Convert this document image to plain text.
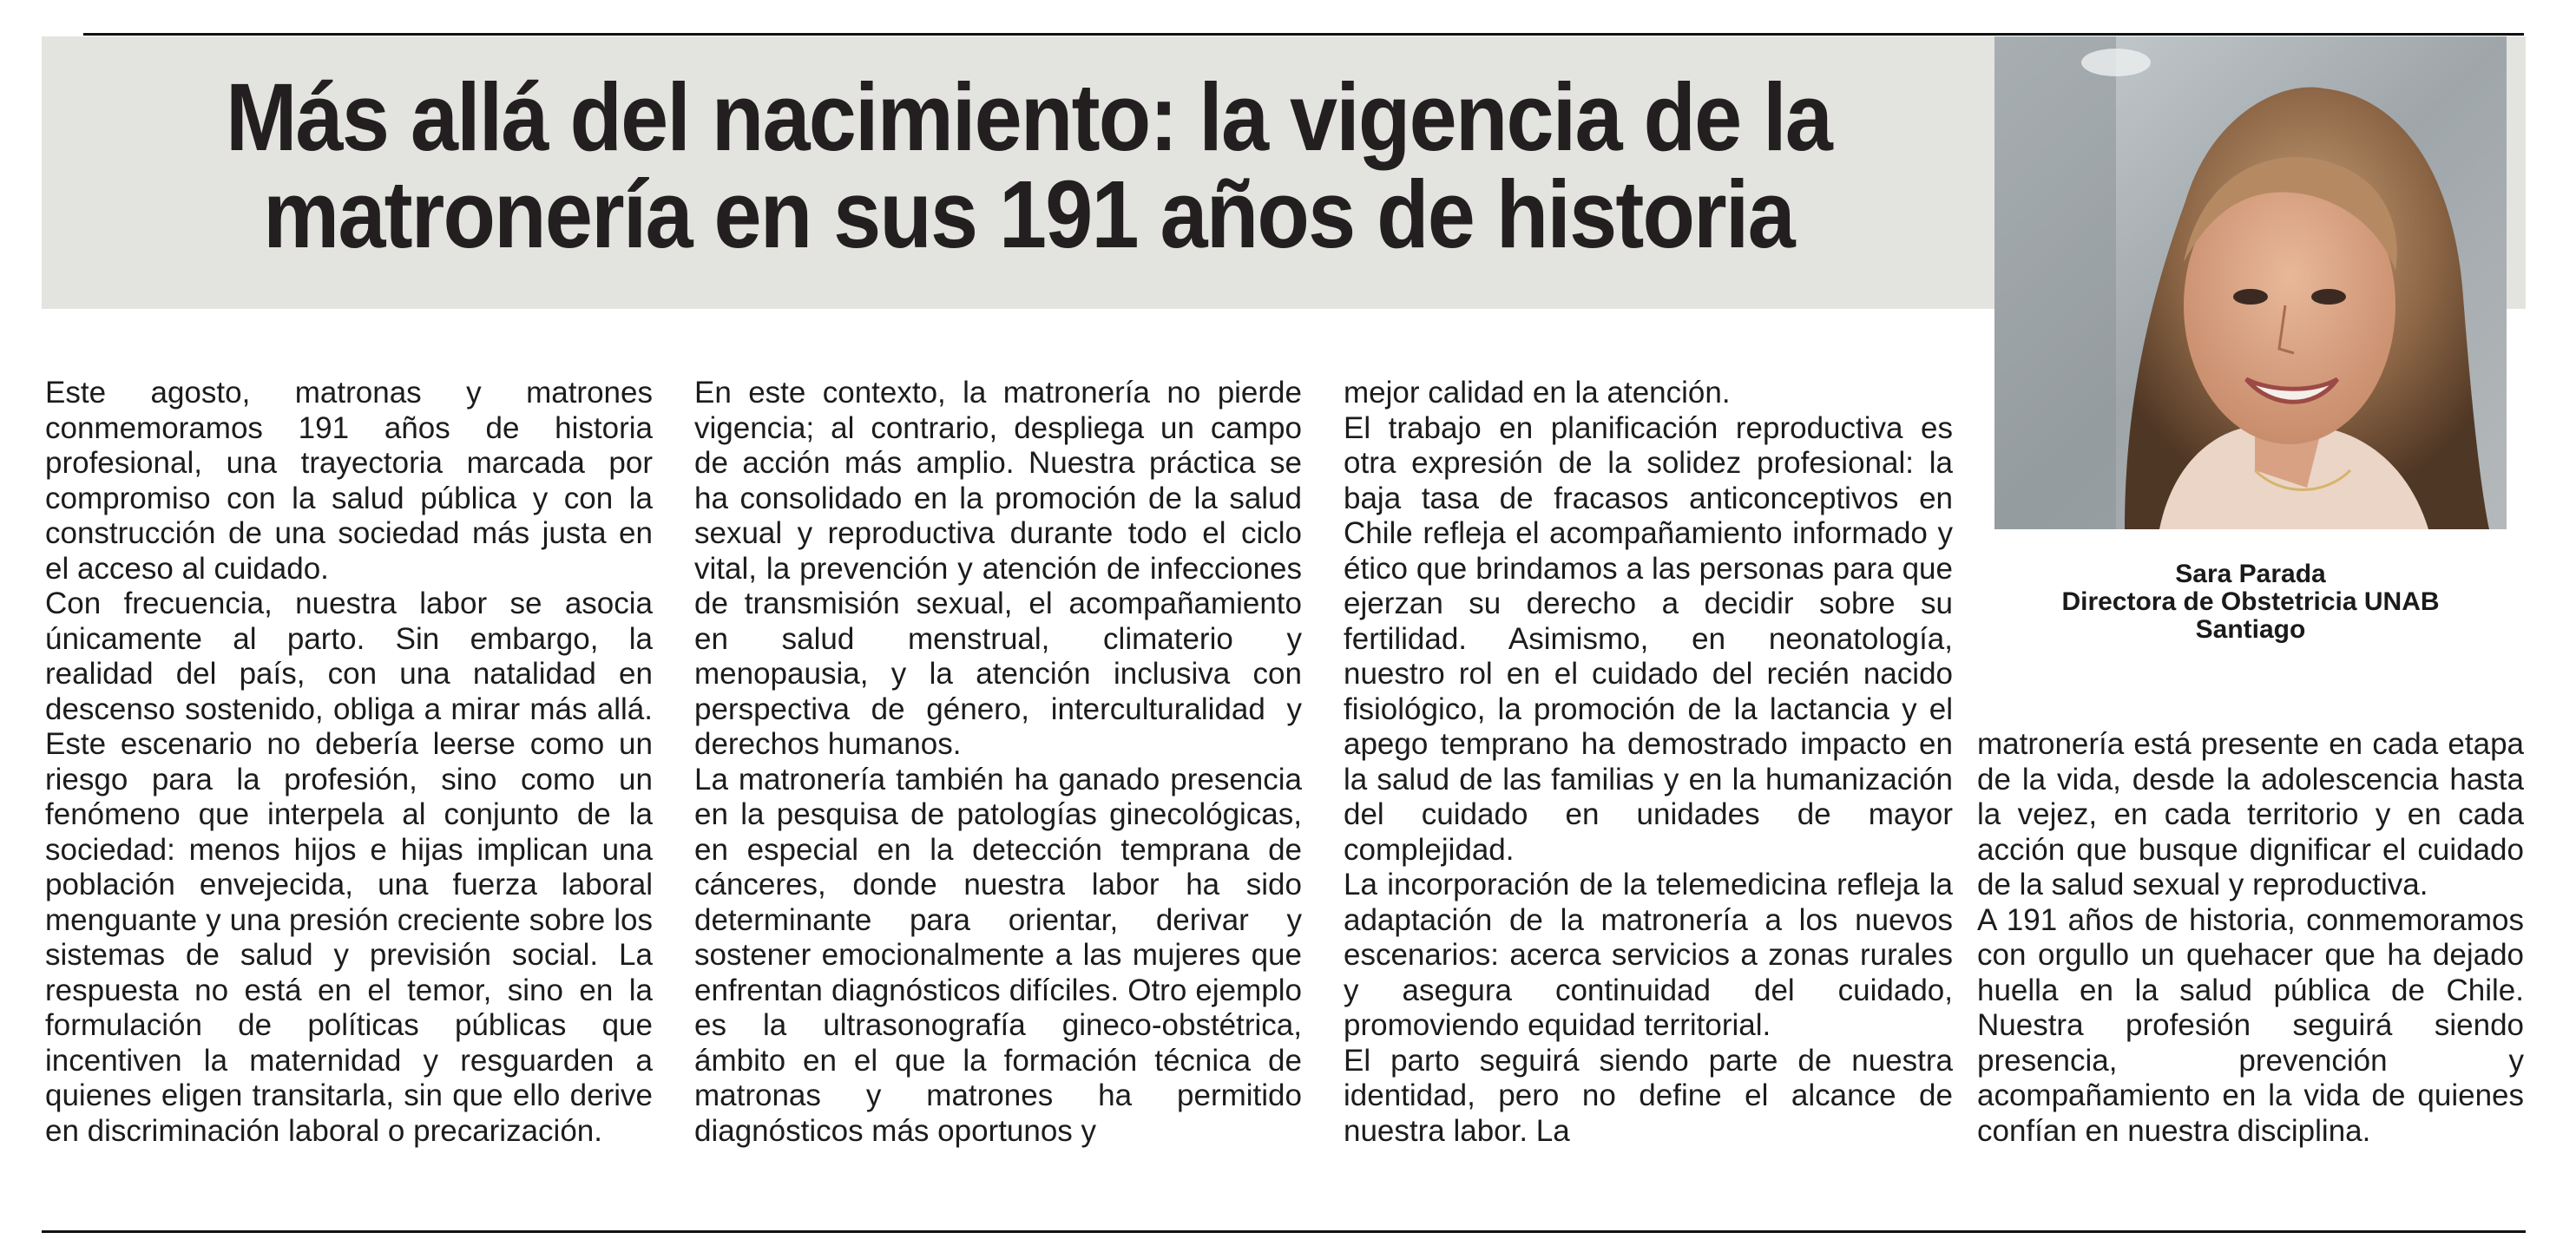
Más allá del nacimiento: la vigencia de la matronería en sus 191 años de historia
Sara Parada
Directora de Obstetricia UNAB
Santiago

Este agosto, matronas y matrones conmemoramos 191 años de historia profesional, una trayectoria marcada por compromiso con la salud pública y con la construcción de una sociedad más justa en el acceso al cuidado.

Con frecuencia, nuestra labor se asocia únicamente al parto. Sin embargo, la realidad del país, con una natalidad en descenso sostenido, obliga a mirar más allá. Este escenario no debería leerse como un riesgo para la profesión, sino como un fenómeno que interpela al conjunto de la sociedad: menos hijos e hijas implican una población envejecida, una fuerza laboral menguante y una presión creciente sobre los sistemas de salud y previsión social. La respuesta no está en el temor, sino en la formulación de políticas públicas que incentiven la maternidad y resguarden a quienes eligen transitarla, sin que ello derive en discriminación laboral o precarización.

En este contexto, la matronería no pierde vigencia; al contrario, despliega un campo de acción más amplio. Nuestra práctica se ha consolidado en la promoción de la salud sexual y reproductiva durante todo el ciclo vital, la prevención y atención de infecciones de transmisión sexual, el acompañamiento en salud menstrual, climaterio y menopausia, y la atención inclusiva con perspectiva de género, interculturalidad y derechos humanos.

La matronería también ha ganado presencia en la pesquisa de patologías ginecológicas, en especial en la detección temprana de cánceres, donde nuestra labor ha sido determinante para orientar, derivar y sostener emocionalmente a las mujeres que enfrentan diagnósticos difíciles. Otro ejemplo es la ultrasonografía gineco-obstétrica, ámbito en el que la formación técnica de matronas y matrones ha permitido diagnósticos más oportunos y

mejor calidad en la atención.

El trabajo en planificación reproductiva es otra expresión de la solidez profesional: la baja tasa de fracasos anticonceptivos en Chile refleja el acompañamiento informado y ético que brindamos a las personas para que ejerzan su derecho a decidir sobre su fertilidad. Asimismo, en neonatología, nuestro rol en el cuidado del recién nacido fisiológico, la promoción de la lactancia y el apego temprano ha demostrado impacto en la salud de las familias y en la humanización del cuidado en unidades de mayor complejidad.

La incorporación de la telemedicina refleja la adaptación de la matronería a los nuevos escenarios: acerca servicios a zonas rurales y asegura continuidad del cuidado, promoviendo equidad territorial.

El parto seguirá siendo parte de nuestra identidad, pero no define el alcance de nuestra labor. La

matronería está presente en cada etapa de la vida, desde la adolescencia hasta la vejez, en cada territorio y en cada acción que busque dignificar el cuidado de la salud sexual y reproductiva.

A 191 años de historia, conmemoramos con orgullo un quehacer que ha dejado huella en la salud pública de Chile. Nuestra profesión seguirá siendo presencia, prevención y acompañamiento en la vida de quienes confían en nuestra disciplina.
